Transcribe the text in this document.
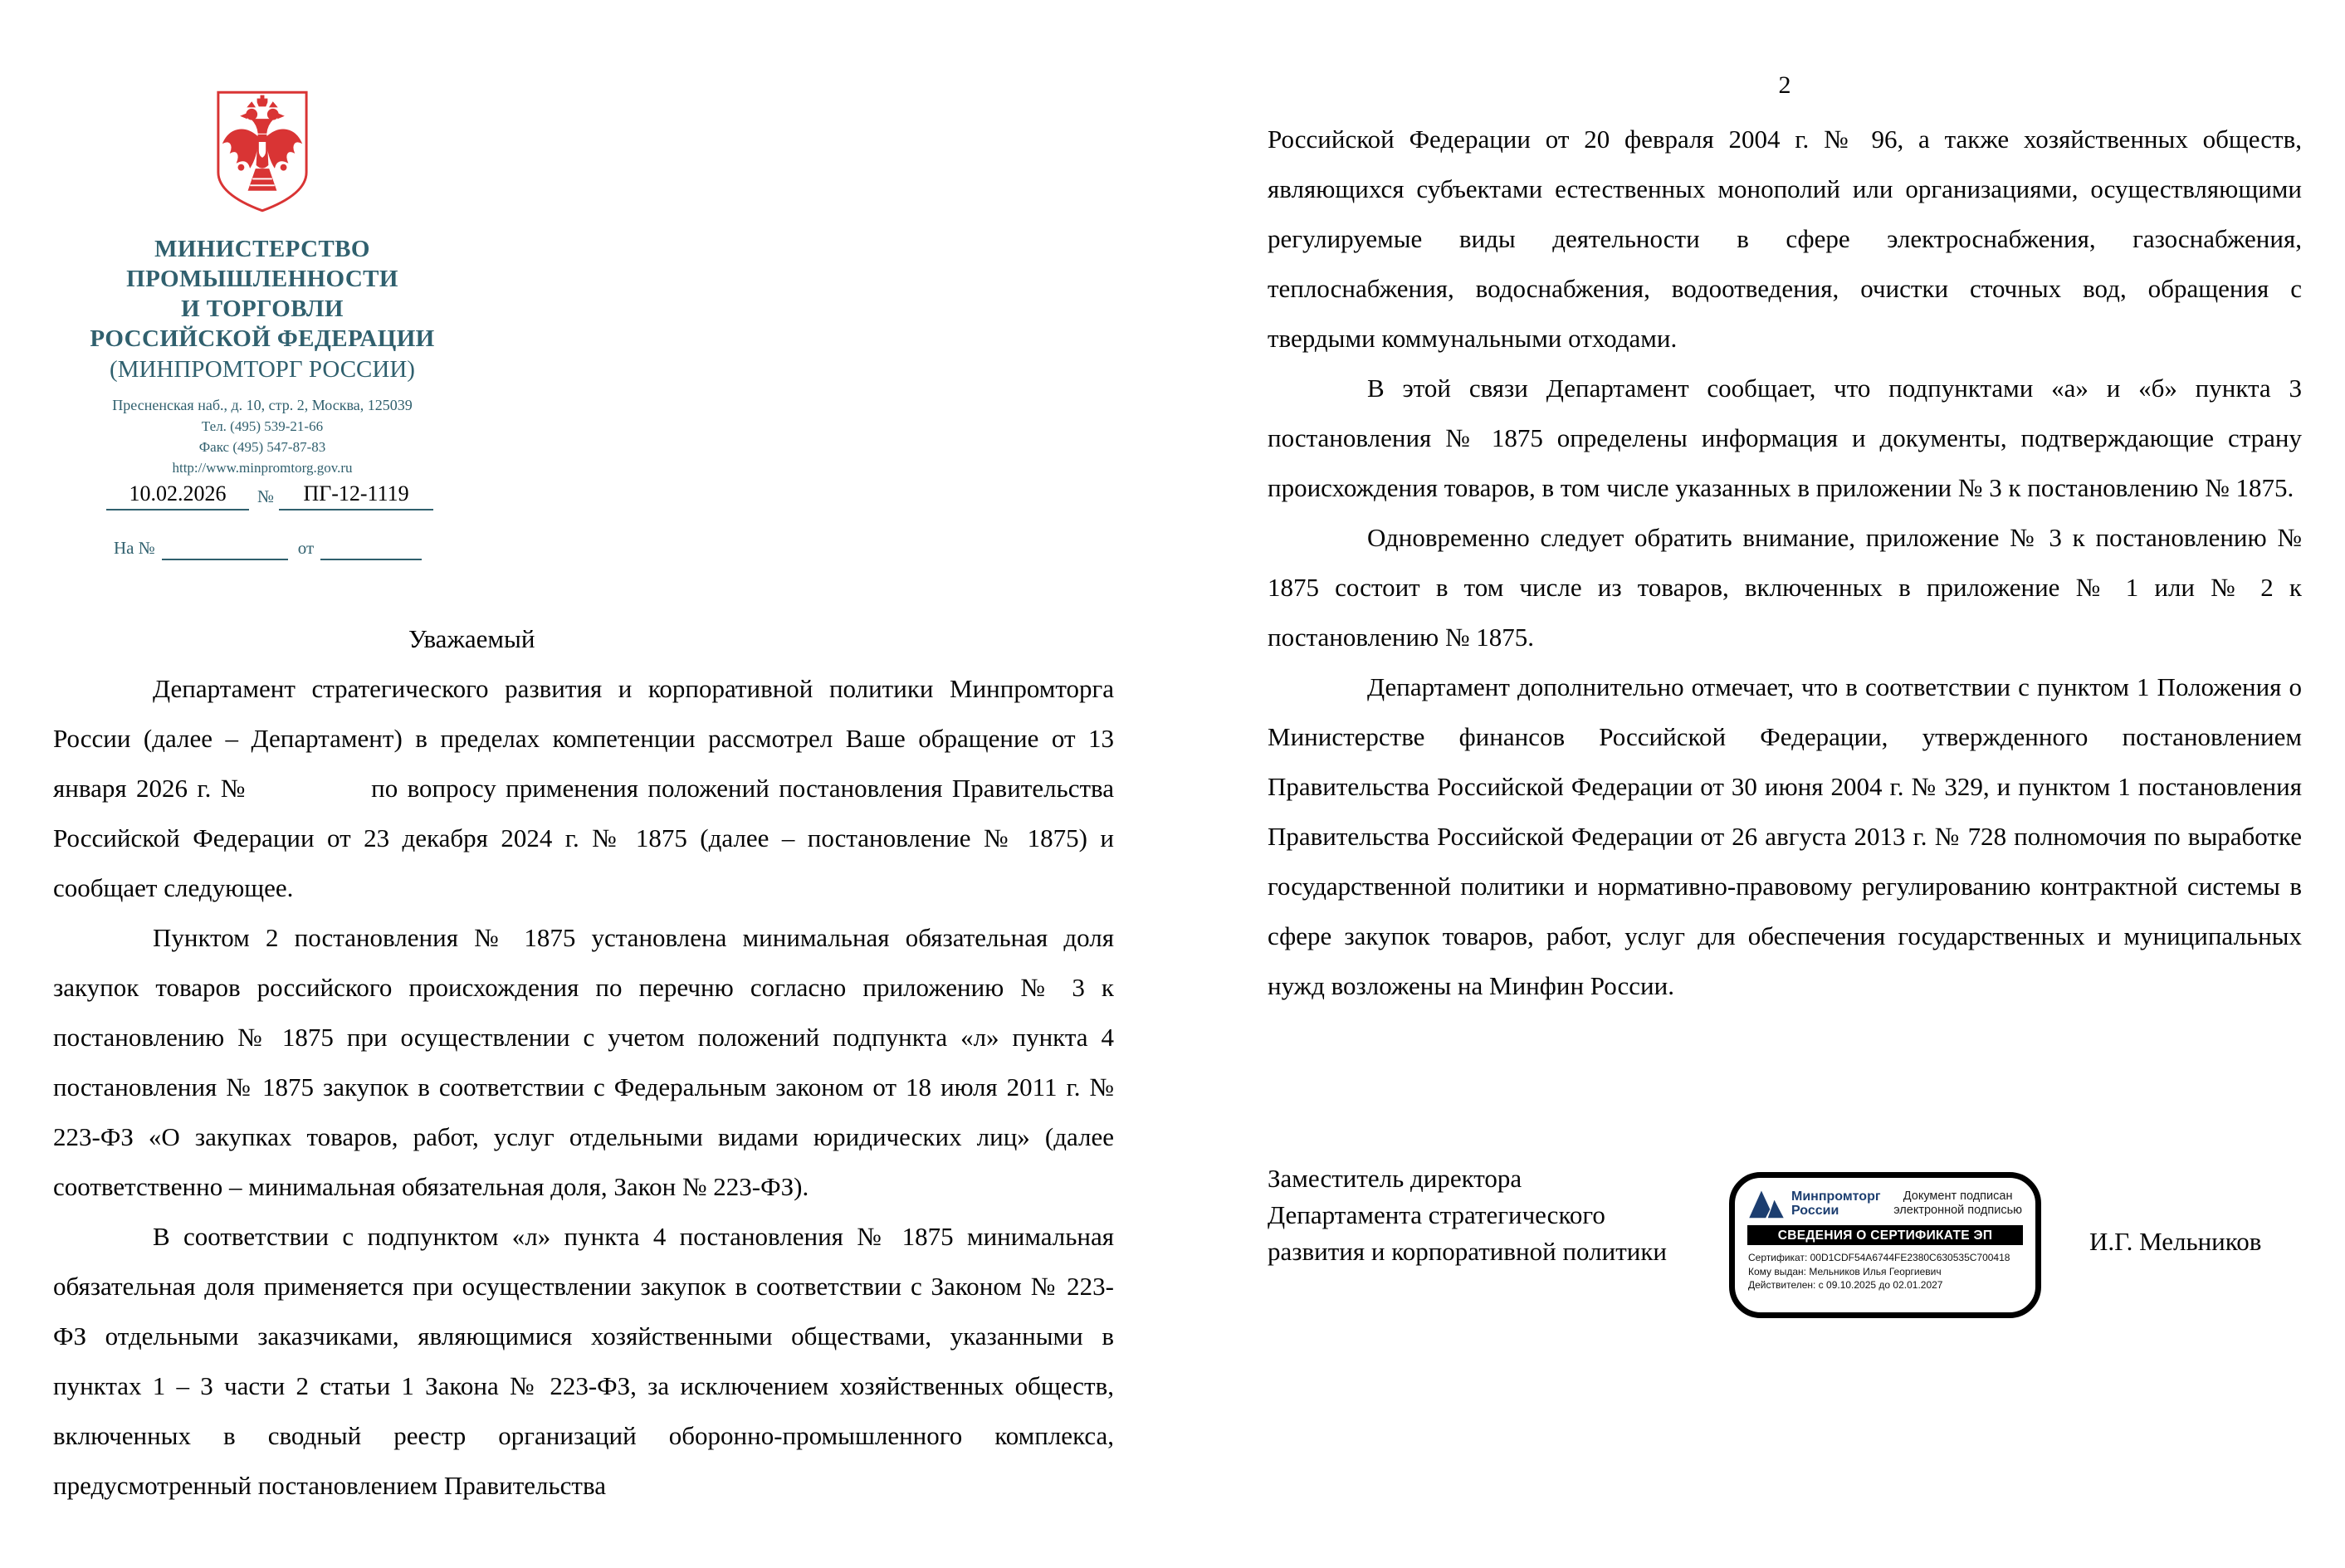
МИНИСТЕРСТВО
ПРОМЫШЛЕННОСТИ
И ТОРГОВЛИ
РОССИЙСКОЙ ФЕДЕРАЦИИ
(МИНПРОМТОРГ РОССИИ)
Пресненская наб., д. 10, стр. 2, Москва, 125039
Тел. (495) 539-21-66
Факс (495) 547-87-83
http://www.minpromtorg.gov.ru
10.02.2026	№	ПГ-12-1119
На №	от
Уважаемый

Департамент стратегического развития и корпоративной политики Минпромторга России (далее – Департамент) в пределах компетенции рассмотрел Ваше обращение от 13 января 2026 г. №             по вопросу применения положений постановления Правительства Российской Федерации от 23 декабря 2024 г. № 1875 (далее – постановление № 1875) и сообщает следующее.

Пунктом 2 постановления № 1875 установлена минимальная обязательная доля закупок товаров российского происхождения по перечню согласно приложению № 3 к постановлению № 1875 при осуществлении с учетом положений подпункта «л» пункта 4 постановления № 1875 закупок в соответствии с Федеральным законом от 18 июля 2011 г. № 223-ФЗ «О закупках товаров, работ, услуг отдельными видами юридических лиц» (далее соответственно – минимальная обязательная доля, Закон № 223-ФЗ).

В соответствии с подпунктом «л» пункта 4 постановления № 1875 минимальная обязательная доля применяется при осуществлении закупок в соответствии с Законом № 223-ФЗ отдельными заказчиками, являющимися хозяйственными обществами, указанными в пунктах 1 – 3 части 2 статьи 1 Закона № 223-ФЗ, за исключением хозяйственных обществ, включенных в сводный реестр организаций оборонно-промышленного комплекса, предусмотренный постановлением Правительства

2

Российской Федерации от 20 февраля 2004 г. № 96, а также хозяйственных обществ, являющихся субъектами естественных монополий или организациями, осуществляющими регулируемые виды деятельности в сфере электроснабжения, газоснабжения, теплоснабжения, водоснабжения, водоотведения, очистки сточных вод, обращения с твердыми коммунальными отходами.

В этой связи Департамент сообщает, что подпунктами «а» и «б» пункта 3 постановления № 1875 определены информация и документы, подтверждающие страну происхождения товаров, в том числе указанных в приложении № 3 к постановлению № 1875.

Одновременно следует обратить внимание, приложение № 3 к постановлению № 1875 состоит в том числе из товаров, включенных в приложение № 1 или № 2 к постановлению № 1875.

Департамент дополнительно отмечает, что в соответствии с пунктом 1 Положения о Министерстве финансов Российской Федерации, утвержденного постановлением Правительства Российской Федерации от 30 июня 2004 г. № 329, и пунктом 1 постановления Правительства Российской Федерации от 26 августа 2013 г. № 728 полномочия по выработке государственной политики и нормативно-правовому регулированию контрактной системы в сфере закупок товаров, работ, услуг для обеспечения государственных и муниципальных нужд возложены на Минфин России.

Заместитель директора
Департамента стратегического
развития и корпоративной политики
Минпромторг
России
Документ подписан
электронной подписью
СВЕДЕНИЯ О СЕРТИФИКАТЕ ЭП
Сертификат: 00D1CDF54A6744FE2380C630535C700418
Кому выдан: Мельников Илья Георгиевич
Действителен: с 09.10.2025 до 02.01.2027
И.Г. Мельников
